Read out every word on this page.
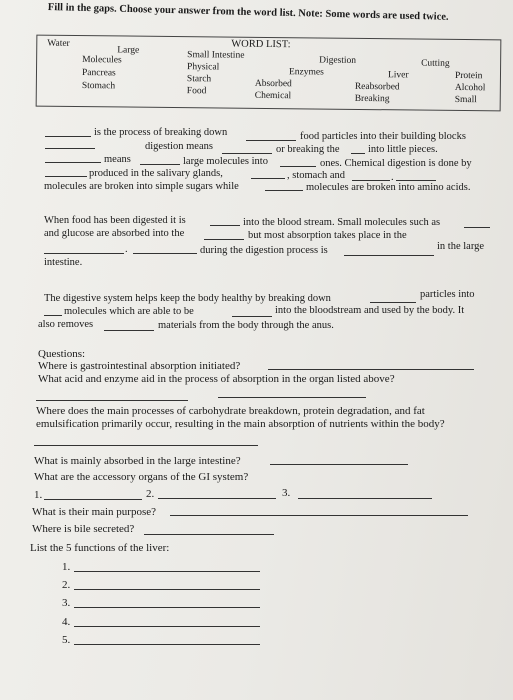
Fill in the gaps. Choose your answer from the word list. Note: Some words are used twice.
WORD LIST:
Water
Large
Molecules
Pancreas
Stomach
Small Intestine
Physical
Starch
Food
Digestion
Enzymes
Absorbed
Chemical
Cutting
Liver
Reabsorbed
Breaking
Protein
Alcohol
Small
is the process of breaking down	food particles into their building blocks
digestion means	or breaking the	into little pieces.
means	large molecules into	ones. Chemical digestion is done by
produced in the salivary glands,	, stomach and	.
molecules are broken into simple sugars while	molecules are broken into amino acids.
When food has been digested it is	into the blood stream. Small molecules such as
and glucose are absorbed into the	but most absorption takes place in the
.	during the digestion process is	in the large
intestine.
The digestive system helps keep the body healthy by breaking down	particles into
molecules which are able to be	into the bloodstream and used by the body. It
also removes	materials from the body through the anus.
Questions:
Where is gastrointestinal absorption initiated?
What acid and enzyme aid in the process of absorption in the organ listed above?
Where does the main processes of carbohydrate breakdown, protein degradation, and fat
emulsification primarily occur, resulting in the main absorption of nutrients within the body?
What is mainly absorbed in the large intestine?
What are the accessory organs of the GI system?
1.	2.	3.
What is their main purpose?
Where is bile secreted?
List the 5 functions of the liver:
1.
2.
3.
4.
5.
